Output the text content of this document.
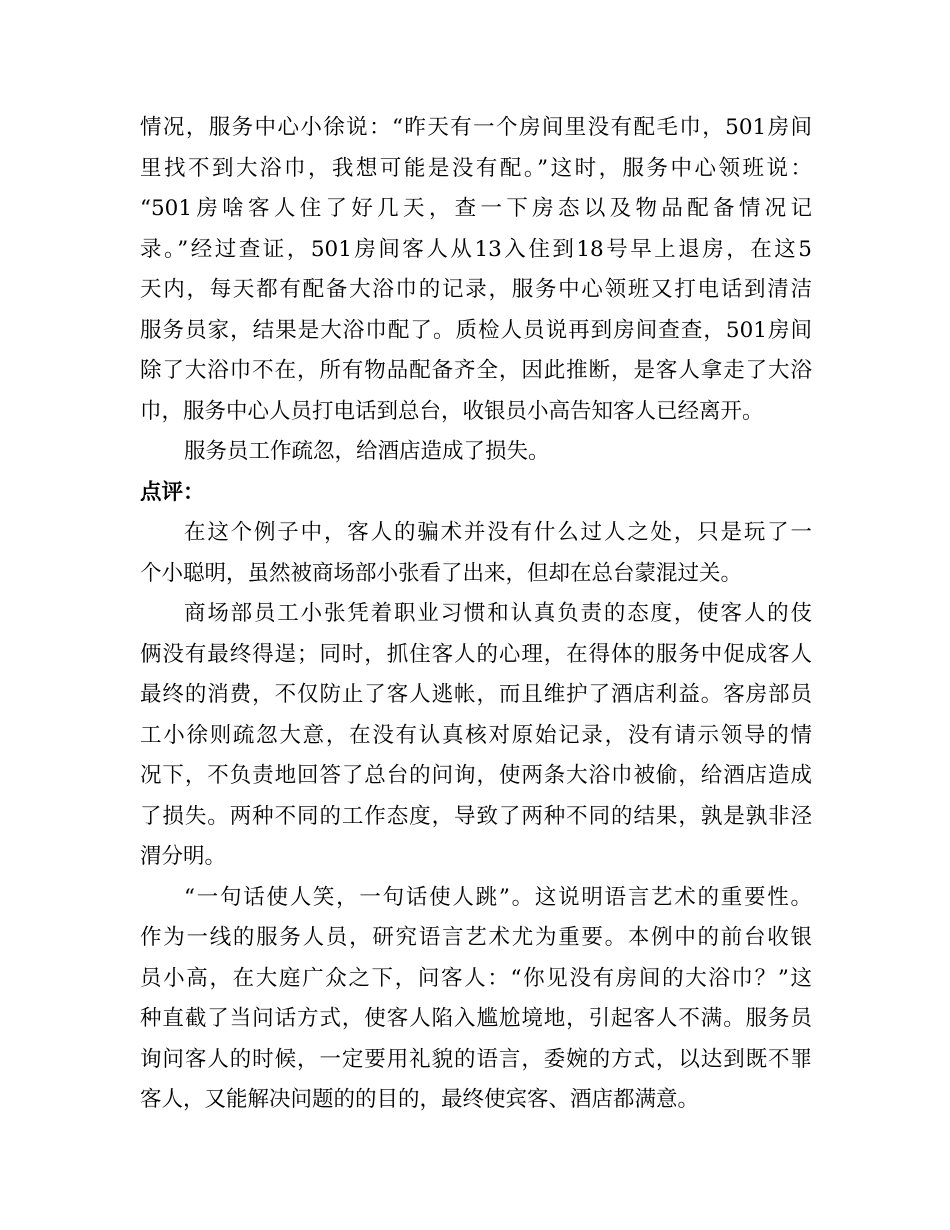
情况，服务中心小徐说：“昨天有一个房间里没有配毛巾，501房间
里找不到大浴巾，我想可能是没有配。”这时，服务中心领班说：
“501房啥客人住了好几天，查一下房态以及物品配备情况记
录。”经过查证，501房间客人从13入住到18号早上退房，在这5
天内，每天都有配备大浴巾的记录，服务中心领班又打电话到清洁
服务员家，结果是大浴巾配了。质检人员说再到房间查查，501房间
除了大浴巾不在，所有物品配备齐全，因此推断，是客人拿走了大浴
巾，服务中心人员打电话到总台，收银员小高告知客人已经离开。
服务员工作疏忽，给酒店造成了损失。
点评：
在这个例子中，客人的骗术并没有什么过人之处，只是玩了一
个小聪明，虽然被商场部小张看了出来，但却在总台蒙混过关。
商场部员工小张凭着职业习惯和认真负责的态度，使客人的伎
俩没有最终得逞；同时，抓住客人的心理，在得体的服务中促成客人
最终的消费，不仅防止了客人逃帐，而且维护了酒店利益。客房部员
工小徐则疏忽大意，在没有认真核对原始记录，没有请示领导的情
况下，不负责地回答了总台的问询，使两条大浴巾被偷，给酒店造成
了损失。两种不同的工作态度，导致了两种不同的结果，孰是孰非泾
渭分明。
“一句话使人笑，一句话使人跳”。这说明语言艺术的重要性。
作为一线的服务人员，研究语言艺术尤为重要。本例中的前台收银
员小高，在大庭广众之下，问客人：“你见没有房间的大浴巾？”这
种直截了当问话方式，使客人陷入尴尬境地，引起客人不满。服务员
询问客人的时候，一定要用礼貌的语言，委婉的方式，以达到既不罪
客人，又能解决问题的的目的，最终使宾客、酒店都满意。
